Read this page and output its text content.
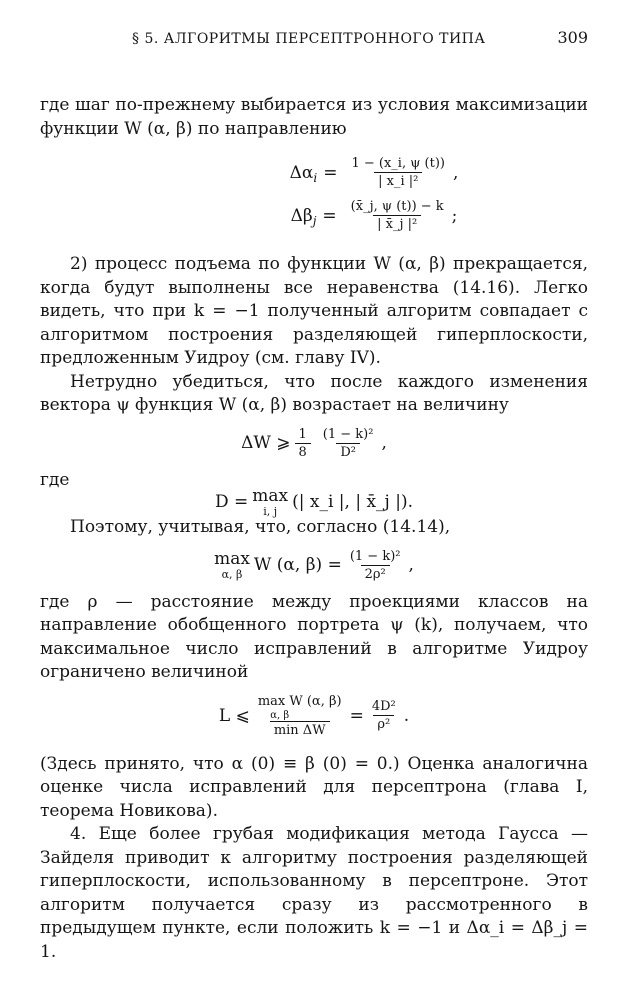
§ 5. АЛГОРИТМЫ ПЕРСЕПТРОННОГО ТИПА	309

где шаг по-прежнему выбирается из условия максимизации функции W (α, β) по направлению

Δα $i = \frac{1 - (x\_i, \psi (t))}{\text{| x\_i |²}}$ ,
Δβ $j = \frac{(x̄\_j, \psi (t)) - k}{\text{| x̄\_j |²}}$ ;

2) процесс подъема по функции W (α, β) прекращается, когда будут выполнены все неравенства (14.16). Легко видеть, что при k = −1 полученный алгоритм совпадает с алгоритмом построения разделяющей гиперплоскости, предложенным Уидроу (см. главу IV).

Нетрудно убедиться, что после каждого изменения вектора ψ функция W (α, β) возрастает на величину

ΔW ⩾ $\frac{1}{8} \frac{\text{(1 − k)²}}{\text{D²}}$ ,

где

D = max
i, j (| x_i |, | x̄_j |).

Поэтому, учитывая, что, согласно (14.14),

max
α, β W (α, $\beta) = \frac{\text{(1 − k)²}}{\text{2ρ²}}$ ,

где ρ — расстояние между проекциями классов на направление обобщенного портрета ψ (k), получаем, что максимальное число исправлений в алгоритме Уидроу ограничено величиной

L ⩽ max W (α, β)
α, β
$\min \Delta W = \frac{\text{4D²}}{\text{ρ²}}$ .

(Здесь принято, что α (0) ≡ β (0) = 0.) Оценка аналогична оценке числа исправлений для персептрона (глава I, теорема Новикова).

4. Еще более грубая модификация метода Гаусса — Зайделя приводит к алгоритму построения разделяющей гиперплоскости, использованному в персептроне. Этот алгоритм получается сразу из рассмотренного в предыдущем пункте, если положить k = −1 и Δα_i = Δβ_j = 1.
